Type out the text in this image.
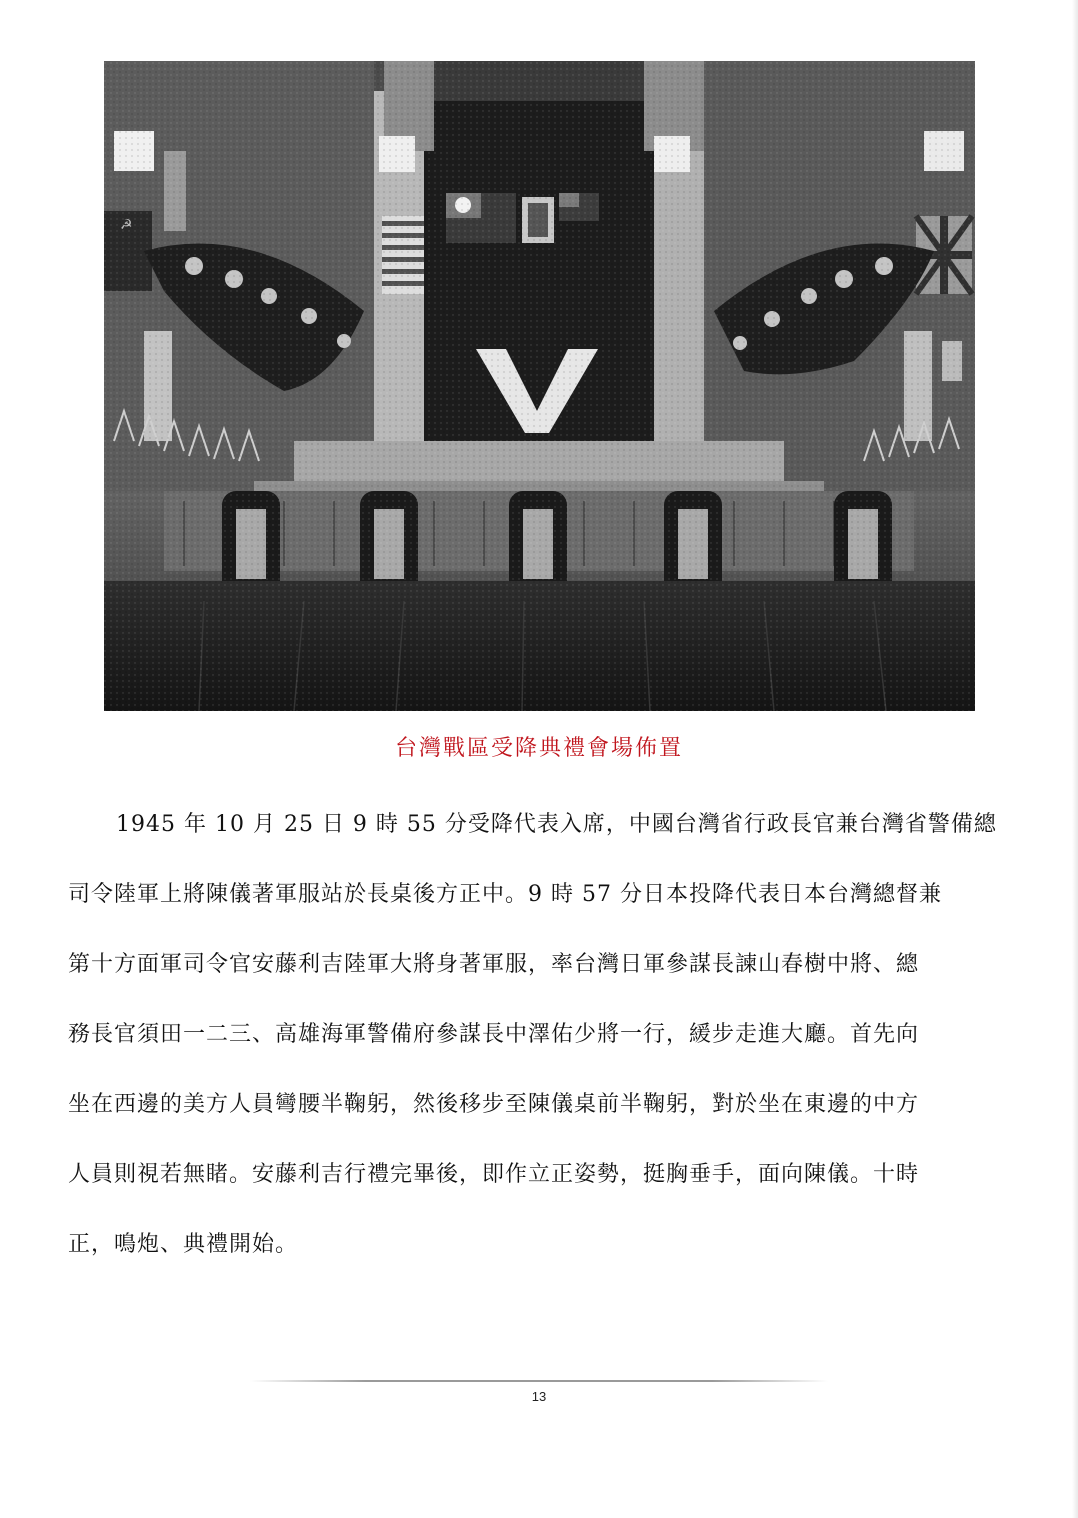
台灣戰區受降典禮會場佈置
1945 年 10 月 25 日 9 時 55 分受降代表入席，中國台灣省行政長官兼台灣省警備總
司令陸軍上將陳儀著軍服站於長桌後方正中。9 時 57 分日本投降代表日本台灣總督兼
第十方面軍司令官安藤利吉陸軍大將身著軍服，率台灣日軍參謀長諫山春樹中將、總
務長官須田一二三、高雄海軍警備府參謀長中澤佑少將一行，緩步走進大廳。首先向
坐在西邊的美方人員彎腰半鞠躬，然後移步至陳儀桌前半鞠躬，對於坐在東邊的中方
人員則視若無睹。安藤利吉行禮完畢後，即作立正姿勢，挺胸垂手，面向陳儀。十時
正，鳴炮、典禮開始。
13
